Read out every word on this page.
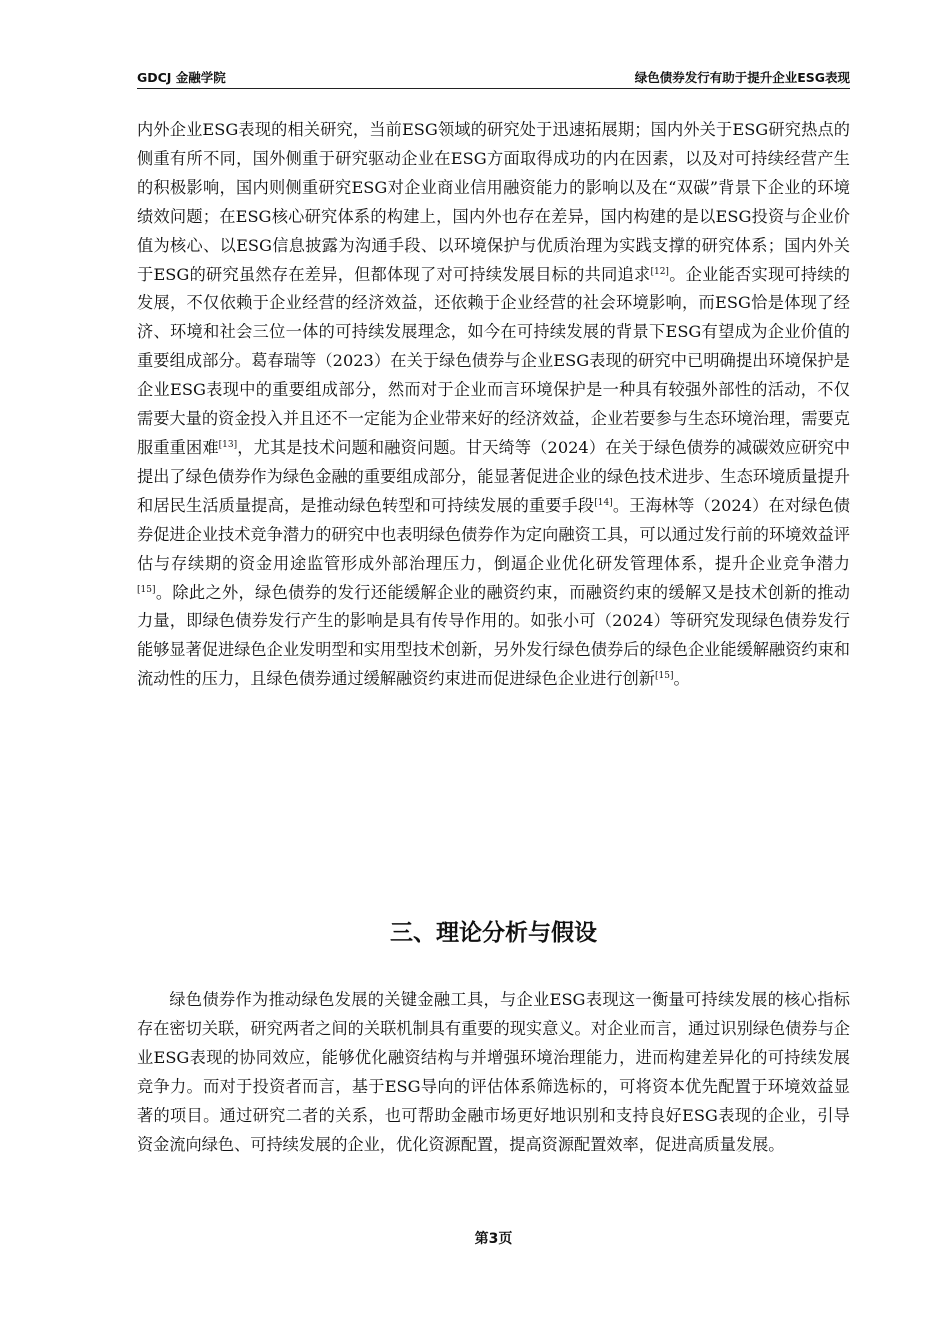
GDCJ 金融学院	绿色债券发行有助于提升企业ESG表现

内外企业ESG表现的相关研究，当前ESG领域的研究处于迅速拓展期；国内外关于ESG研究热点的侧重有所不同，国外侧重于研究驱动企业在ESG方面取得成功的内在因素，以及对可持续经营产生的积极影响，国内则侧重研究ESG对企业商业信用融资能力的影响以及在“双碳”背景下企业的环境绩效问题；在ESG核心研究体系的构建上，国内外也存在差异，国内构建的是以ESG投资与企业价值为核心、以ESG信息披露为沟通手段、以环境保护与优质治理为实践支撑的研究体系；国内外关于ESG的研究虽然存在差异，但都体现了对可持续发展目标的共同追求[12]。企业能否实现可持续的发展，不仅依赖于企业经营的经济效益，还依赖于企业经营的社会环境影响，而ESG恰是体现了经济、环境和社会三位一体的可持续发展理念，如今在可持续发展的背景下ESG有望成为企业价值的重要组成部分。葛春瑞等（2023）在关于绿色债券与企业ESG表现的研究中已明确提出环境保护是企业ESG表现中的重要组成部分，然而对于企业而言环境保护是一种具有较强外部性的活动，不仅需要大量的资金投入并且还不一定能为企业带来好的经济效益，企业若要参与生态环境治理，需要克服重重困难[13]，尤其是技术问题和融资问题。甘天绮等（2024）在关于绿色债券的减碳效应研究中提出了绿色债券作为绿色金融的重要组成部分，能显著促进企业的绿色技术进步、生态环境质量提升和居民生活质量提高，是推动绿色转型和可持续发展的重要手段[14]。王海林等（2024）在对绿色债券促进企业技术竞争潜力的研究中也表明绿色债券作为定向融资工具，可以通过发行前的环境效益评估与存续期的资金用途监管形成外部治理压力，倒逼企业优化研发管理体系，提升企业竞争潜力[15]。除此之外，绿色债券的发行还能缓解企业的融资约束，而融资约束的缓解又是技术创新的推动力量，即绿色债券发行产生的影响是具有传导作用的。如张小可（2024）等研究发现绿色债券发行能够显著促进绿色企业发明型和实用型技术创新，另外发行绿色债券后的绿色企业能缓解融资约束和流动性的压力，且绿色债券通过缓解融资约束进而促进绿色企业进行创新[15]。

三、理论分析与假设

绿色债券作为推动绿色发展的关键金融工具，与企业ESG表现这一衡量可持续发展的核心指标存在密切关联，研究两者之间的关联机制具有重要的现实意义。对企业而言，通过识别绿色债券与企业ESG表现的协同效应，能够优化融资结构与并增强环境治理能力，进而构建差异化的可持续发展竞争力。而对于投资者而言，基于ESG导向的评估体系筛选标的，可将资本优先配置于环境效益显著的项目。通过研究二者的关系，也可帮助金融市场更好地识别和支持良好ESG表现的企业，引导资金流向绿色、可持续发展的企业，优化资源配置，提高资源配置效率，促进高质量发展。

第3页
